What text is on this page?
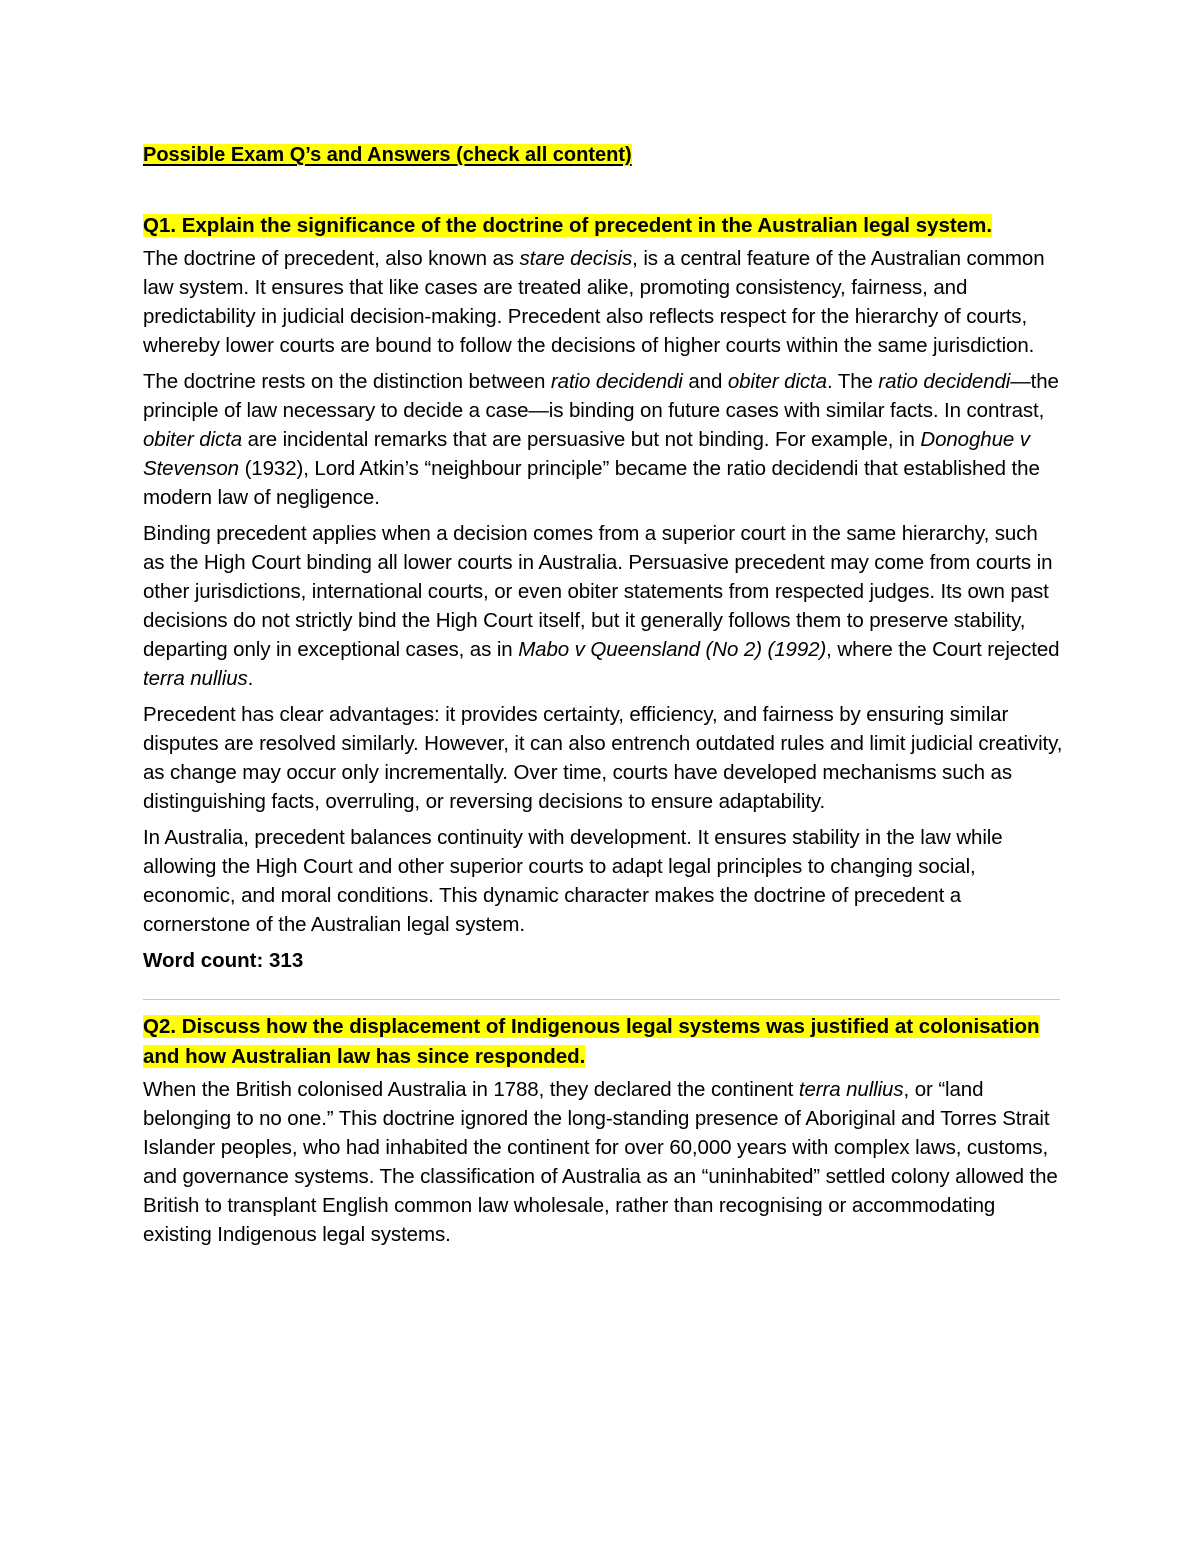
Possible Exam Q’s and Answers (check all content)
Q1. Explain the significance of the doctrine of precedent in the Australian legal system.

The doctrine of precedent, also known as stare decisis, is a central feature of the Australian common law system. It ensures that like cases are treated alike, promoting consistency, fairness, and predictability in judicial decision-making. Precedent also reflects respect for the hierarchy of courts, whereby lower courts are bound to follow the decisions of higher courts within the same jurisdiction.

The doctrine rests on the distinction between ratio decidendi and obiter dicta. The ratio decidendi—the principle of law necessary to decide a case—is binding on future cases with similar facts. In contrast, obiter dicta are incidental remarks that are persuasive but not binding. For example, in Donoghue v Stevenson (1932), Lord Atkin’s “neighbour principle” became the ratio decidendi that established the modern law of negligence.

Binding precedent applies when a decision comes from a superior court in the same hierarchy, such as the High Court binding all lower courts in Australia. Persuasive precedent may come from courts in other jurisdictions, international courts, or even obiter statements from respected judges. Its own past decisions do not strictly bind the High Court itself, but it generally follows them to preserve stability, departing only in exceptional cases, as in Mabo v Queensland (No 2) (1992), where the Court rejected terra nullius.

Precedent has clear advantages: it provides certainty, efficiency, and fairness by ensuring similar disputes are resolved similarly. However, it can also entrench outdated rules and limit judicial creativity, as change may occur only incrementally. Over time, courts have developed mechanisms such as distinguishing facts, overruling, or reversing decisions to ensure adaptability.

In Australia, precedent balances continuity with development. It ensures stability in the law while allowing the High Court and other superior courts to adapt legal principles to changing social, economic, and moral conditions. This dynamic character makes the doctrine of precedent a cornerstone of the Australian legal system.

Word count: 313

Q2. Discuss how the displacement of Indigenous legal systems was justified at colonisation and how Australian law has since responded.

When the British colonised Australia in 1788, they declared the continent terra nullius, or “land belonging to no one.” This doctrine ignored the long-standing presence of Aboriginal and Torres Strait Islander peoples, who had inhabited the continent for over 60,000 years with complex laws, customs, and governance systems. The classification of Australia as an “uninhabited” settled colony allowed the British to transplant English common law wholesale, rather than recognising or accommodating existing Indigenous legal systems.
